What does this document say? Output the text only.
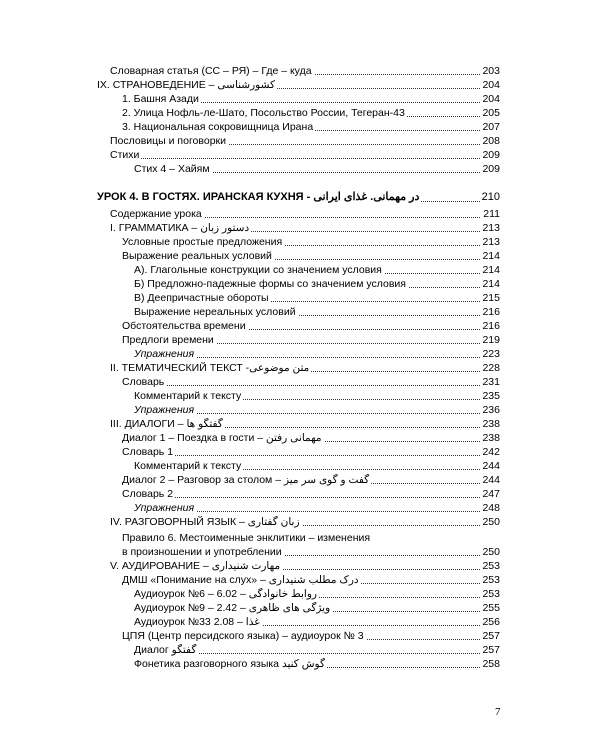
Словарная статья (СС – РЯ) – Где – куда	203
IX. СТРАНОВЕДЕНИЕ – کشورشناسی	204
1. Башня Азади	204
2. Улица Нофль-ле-Шато, Посольство России, Тегеран-43	205
3. Национальная сокровищница Ирана	207
Пословицы и поговорки	208
Стихи	209
Стих 4 – Хайям	209
УРОК 4. В ГОСТЯХ. ИРАНСКАЯ КУХНЯ - در مهمانی. غذای ایرانی	210
Содержание урока	211
I. ГРАММАТИКА – دستور زبان	213
Условные простые предложения	213
Выражение реальных условий	214
А). Глагольные конструкции со значением условия	214
Б) Предложно-падежные формы со значением условия	214
В) Деепричастные обороты	215
Выражение нереальных условий	216
Обстоятельства времени	216
Предлоги времени	219
Упражнения	223
II. ТЕМАТИЧЕСКИЙ ТЕКСТ -متن موضوعی	228
Словарь	231
Комментарий к тексту	235
Упражнения	236
III. ДИАЛОГИ – گفتگو ها	238
Диалог 1 – Поездка в гости – مهمانی رفتن	238
Словарь 1	242
Комментарий к тексту	244
Диалог 2 – Разговор за столом – گفت و گوی سر میز	244
Словарь 2	247
Упражнения	248
IV. РАЗГОВОРНЫЙ ЯЗЫК – زبان گفتاری	250
Правило 6. Местоименные энклитики – изменения
в произношении и употреблении	250
V. АУДИРОВАНИЕ – مهارت شنیداری	253
ДМШ «Понимание на слух» – درک مطلب شنیداری	253
Аудиоурок №6 – روابط خانوادگی – 6.02	253
Аудиоурок №9 – ویژگی های ظاهری – 2.42	255
Аудиоурок №33 غذا – 2.08	256
ЦПЯ (Центр персидского языка) – аудиоурок № 3	257
Диалог گفتگو	257
Фонетика разговорного языка گوش کنید	258
7
